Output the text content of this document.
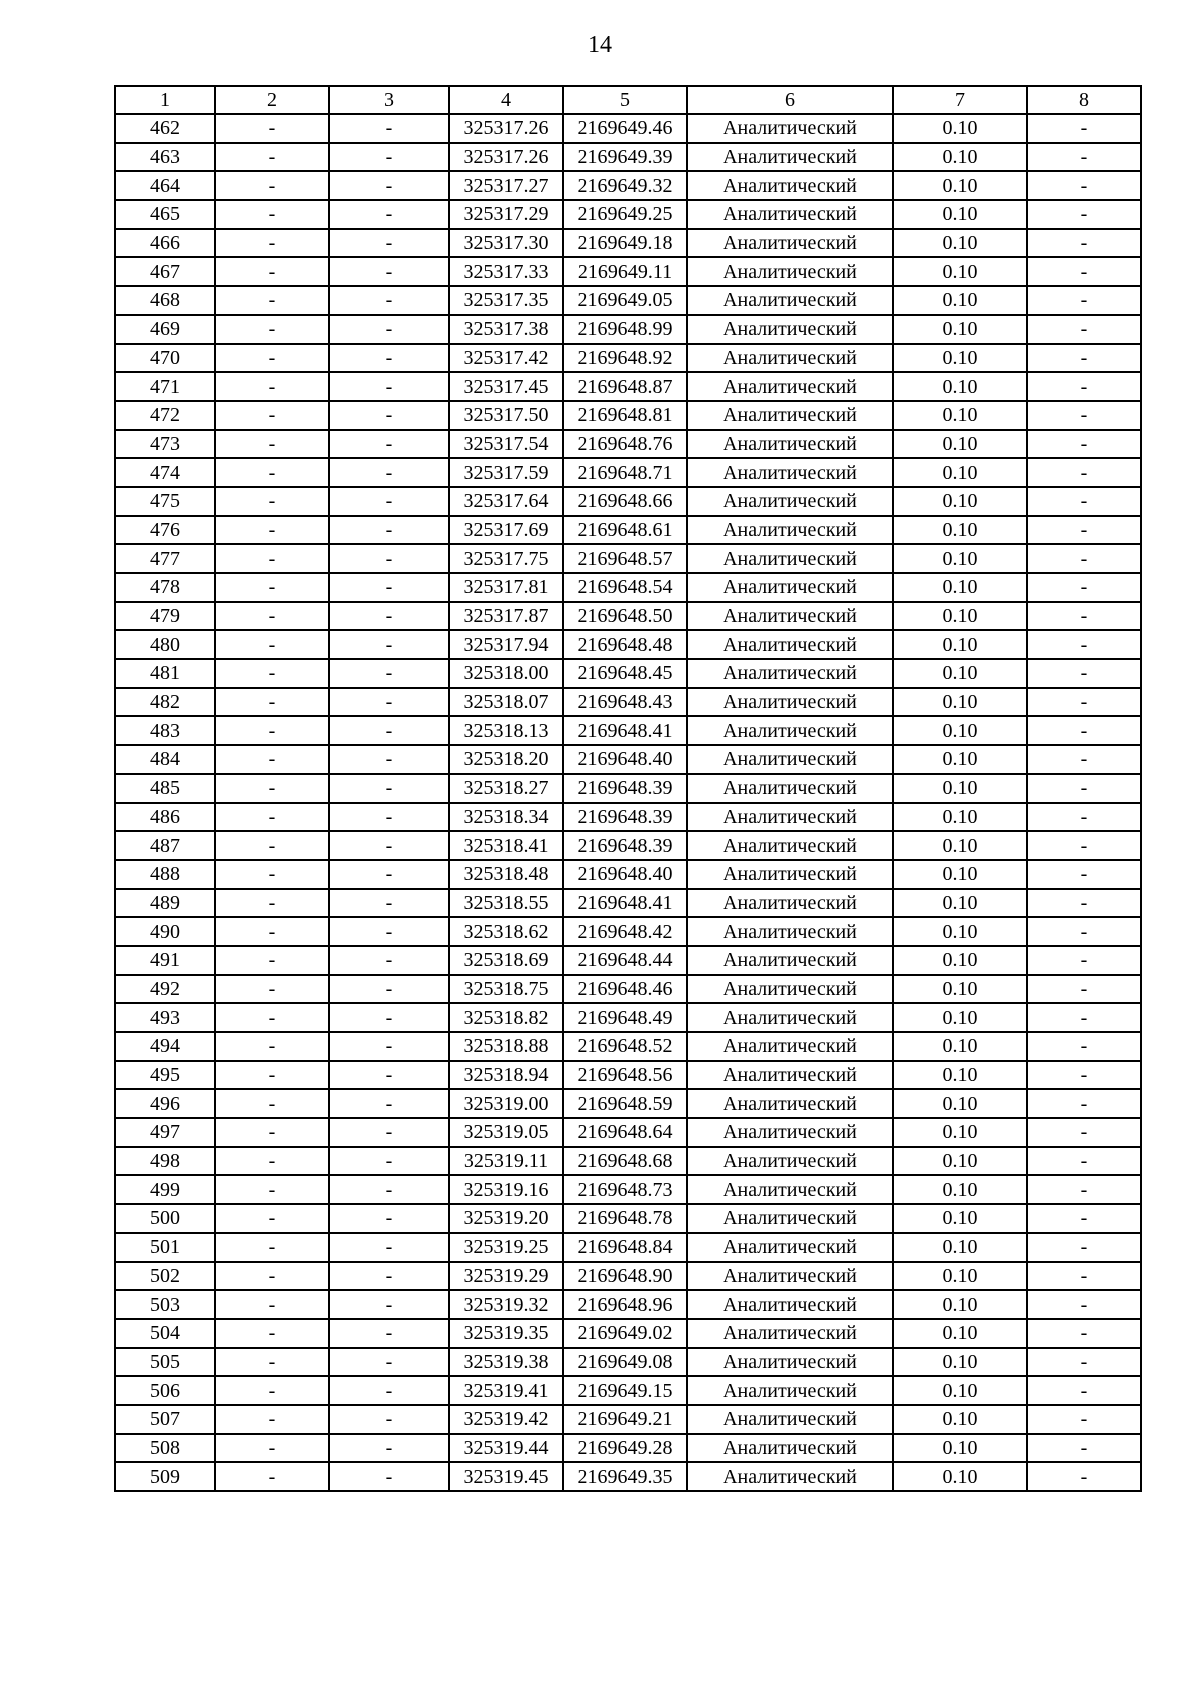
14
1	2	3	4	5	6	7	8
462	-	-	325317.26	2169649.46	Аналитический	0.10	-
463	-	-	325317.26	2169649.39	Аналитический	0.10	-
464	-	-	325317.27	2169649.32	Аналитический	0.10	-
465	-	-	325317.29	2169649.25	Аналитический	0.10	-
466	-	-	325317.30	2169649.18	Аналитический	0.10	-
467	-	-	325317.33	2169649.11	Аналитический	0.10	-
468	-	-	325317.35	2169649.05	Аналитический	0.10	-
469	-	-	325317.38	2169648.99	Аналитический	0.10	-
470	-	-	325317.42	2169648.92	Аналитический	0.10	-
471	-	-	325317.45	2169648.87	Аналитический	0.10	-
472	-	-	325317.50	2169648.81	Аналитический	0.10	-
473	-	-	325317.54	2169648.76	Аналитический	0.10	-
474	-	-	325317.59	2169648.71	Аналитический	0.10	-
475	-	-	325317.64	2169648.66	Аналитический	0.10	-
476	-	-	325317.69	2169648.61	Аналитический	0.10	-
477	-	-	325317.75	2169648.57	Аналитический	0.10	-
478	-	-	325317.81	2169648.54	Аналитический	0.10	-
479	-	-	325317.87	2169648.50	Аналитический	0.10	-
480	-	-	325317.94	2169648.48	Аналитический	0.10	-
481	-	-	325318.00	2169648.45	Аналитический	0.10	-
482	-	-	325318.07	2169648.43	Аналитический	0.10	-
483	-	-	325318.13	2169648.41	Аналитический	0.10	-
484	-	-	325318.20	2169648.40	Аналитический	0.10	-
485	-	-	325318.27	2169648.39	Аналитический	0.10	-
486	-	-	325318.34	2169648.39	Аналитический	0.10	-
487	-	-	325318.41	2169648.39	Аналитический	0.10	-
488	-	-	325318.48	2169648.40	Аналитический	0.10	-
489	-	-	325318.55	2169648.41	Аналитический	0.10	-
490	-	-	325318.62	2169648.42	Аналитический	0.10	-
491	-	-	325318.69	2169648.44	Аналитический	0.10	-
492	-	-	325318.75	2169648.46	Аналитический	0.10	-
493	-	-	325318.82	2169648.49	Аналитический	0.10	-
494	-	-	325318.88	2169648.52	Аналитический	0.10	-
495	-	-	325318.94	2169648.56	Аналитический	0.10	-
496	-	-	325319.00	2169648.59	Аналитический	0.10	-
497	-	-	325319.05	2169648.64	Аналитический	0.10	-
498	-	-	325319.11	2169648.68	Аналитический	0.10	-
499	-	-	325319.16	2169648.73	Аналитический	0.10	-
500	-	-	325319.20	2169648.78	Аналитический	0.10	-
501	-	-	325319.25	2169648.84	Аналитический	0.10	-
502	-	-	325319.29	2169648.90	Аналитический	0.10	-
503	-	-	325319.32	2169648.96	Аналитический	0.10	-
504	-	-	325319.35	2169649.02	Аналитический	0.10	-
505	-	-	325319.38	2169649.08	Аналитический	0.10	-
506	-	-	325319.41	2169649.15	Аналитический	0.10	-
507	-	-	325319.42	2169649.21	Аналитический	0.10	-
508	-	-	325319.44	2169649.28	Аналитический	0.10	-
509	-	-	325319.45	2169649.35	Аналитический	0.10	-
